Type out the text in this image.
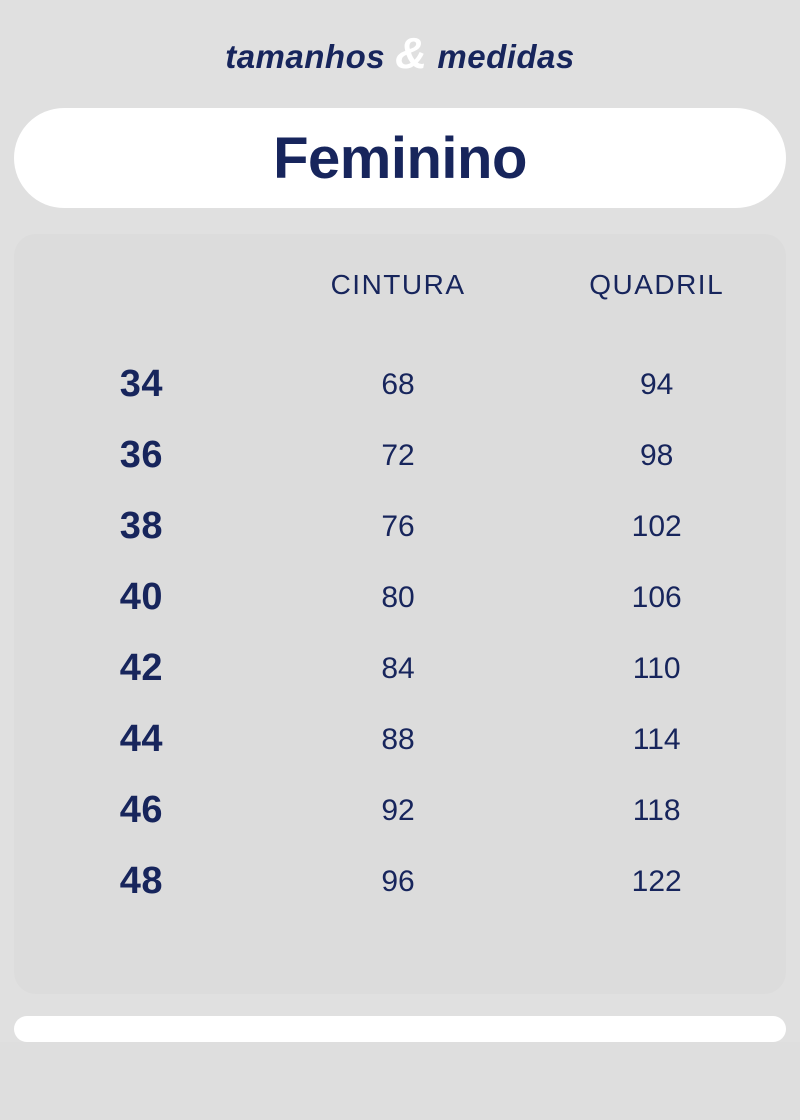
tamanhos & medidas
Feminino
	CINTURA	QUADRIL
34	68	94
36	72	98
38	76	102
40	80	106
42	84	110
44	88	114
46	92	118
48	96	122
